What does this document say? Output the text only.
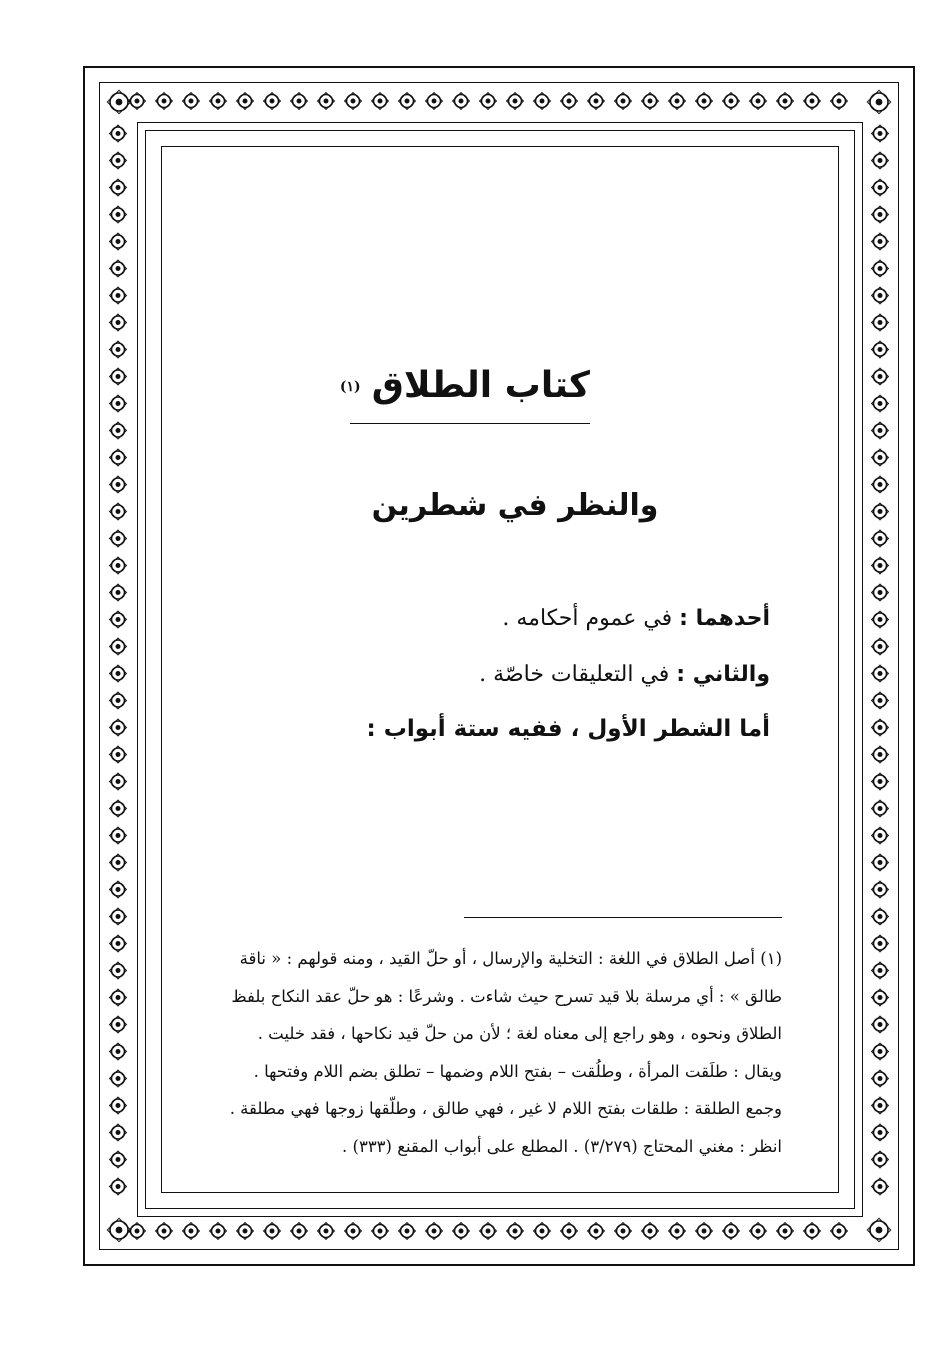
كتاب الطلاق (١)
والنظر في شطرين
أحدهما : في عموم أحكامه .
والثاني : في التعليقات خاصّة .
أما الشطر الأول ، ففيه ستة أبواب :

(١) أصل الطلاق في اللغة : التخلية والإرسال ، أو حلّ القيد ، ومنه قولهم : « ناقة

طالق » : أي مرسلة بلا قيد تسرح حيث شاءت . وشرعًا : هو حلّ عقد النكاح بلفظ

الطلاق ونحوه ، وهو راجع إلى معناه لغة ؛ لأن من حلّ قيد نكاحها ، فقد خليت .

ويقال : طلَقت المرأة ، وطلُقت – بفتح اللام وضمها – تطلق بضم اللام وفتحها .

وجمع الطلقة : طلقات بفتح اللام لا غير ، فهي طالق ، وطلّقها زوجها فهي مطلقة .

انظر : مغني المحتاج (٣/٢٧٩) . المطلع على أبواب المقنع (٣٣٣) .
